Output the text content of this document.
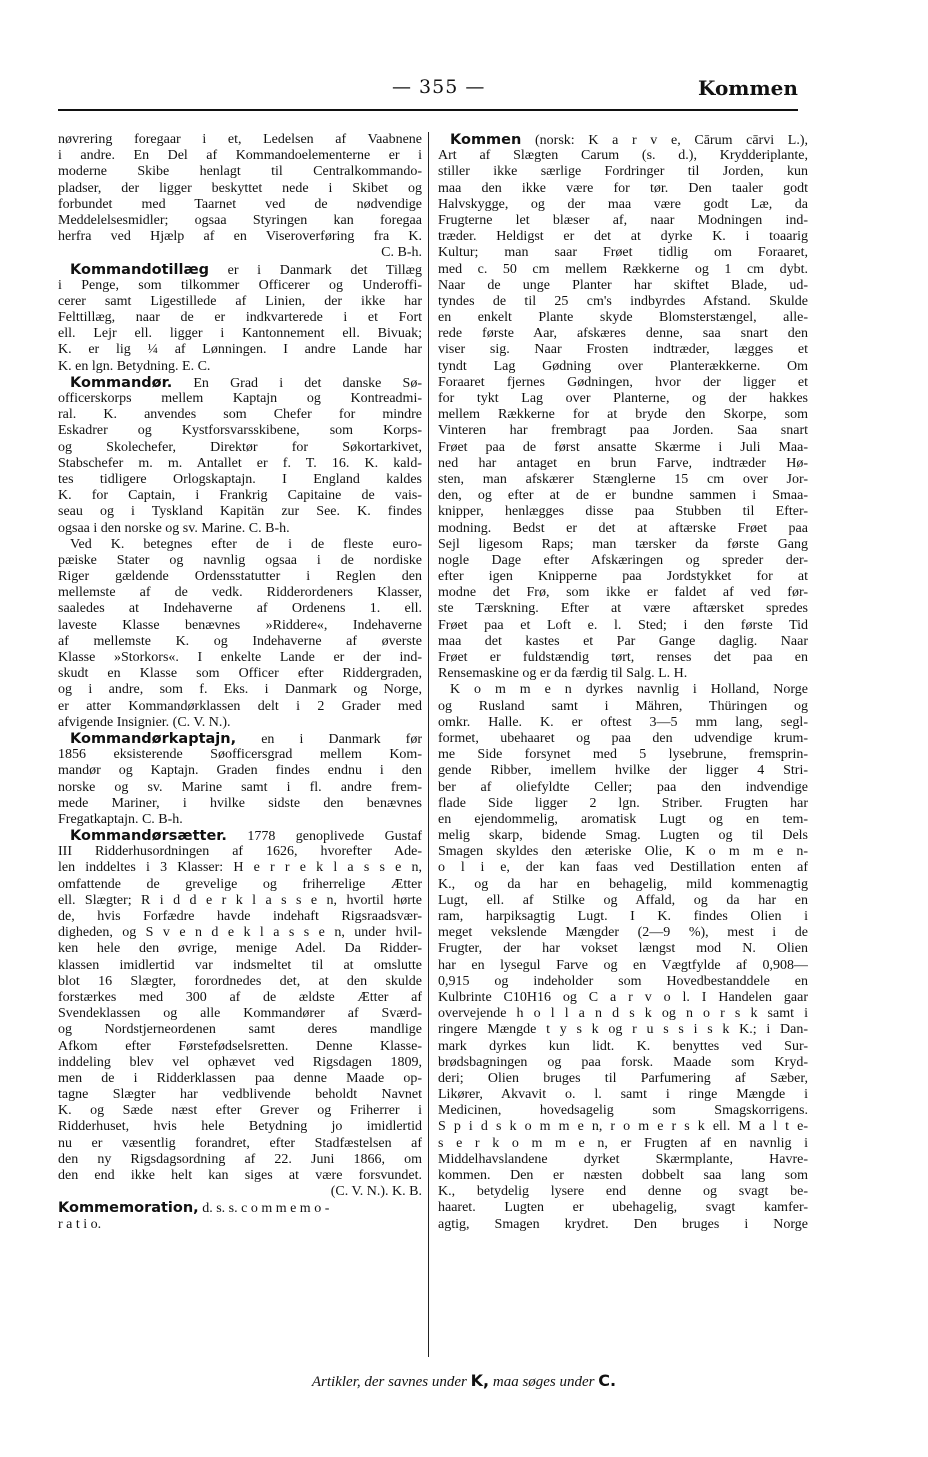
— 355 —	Kommen
nøvrering foregaar i et, Ledelsen af Vaabnene
i andre. En Del af Kommandoelementerne er i
moderne Skibe henlagt til Centralkommando-
pladser, der ligger beskyttet nede i Skibet og
forbundet med Taarnet ved de nødvendige
Meddelelsesmidler; ogsaa Styringen kan foregaa
herfra ved Hjælp af en Viseroverføring fra K.
C. B-h.
Kommandotillæg er i Danmark det Tillæg
i Penge, som tilkommer Officerer og Underoffi-
cerer samt Ligestillede af Linien, der ikke har
Felttillæg, naar de er indkvarterede i et Fort
ell. Lejr ell. ligger i Kantonnement ell. Bivuak;
K. er lig ¼ af Lønningen. I andre Lande har
K. en lgn. Betydning. E. C.
Kommandør. En Grad i det danske Sø-
officerskorps mellem Kaptajn og Kontreadmi-
ral. K. anvendes som Chefer for mindre
Eskadrer og Kystforsvarsskibene, som Korps-
og Skolechefer, Direktør for Søkortarkivet,
Stabschefer m. m. Antallet er f. T. 16. K. kald-
tes tidligere Orlogskaptajn. I England kaldes
K. for Captain, i Frankrig Capitaine de vais-
seau og i Tyskland Kapitän zur See. K. findes
ogsaa i den norske og sv. Marine. C. B-h.
Ved K. betegnes efter de i de fleste euro-
pæiske Stater og navnlig ogsaa i de nordiske
Riger gældende Ordensstatutter i Reglen den
mellemste af de vedk. Ridderordeners Klasser,
saaledes at Indehaverne af Ordenens 1. ell.
laveste Klasse benævnes »Riddere«, Indehaverne
af mellemste K. og Indehaverne af øverste
Klasse »Storkors«. I enkelte Lande er der ind-
skudt en Klasse som Officer efter Riddergraden,
og i andre, som f. Eks. i Danmark og Norge,
er atter Kommandørklassen delt i 2 Grader med
afvigende Insignier. (C. V. N.).
Kommandørkaptajn, en i Danmark før
1856 eksisterende Søofficersgrad mellem Kom-
mandør og Kaptajn. Graden findes endnu i den
norske og sv. Marine samt i fl. andre frem-
mede Mariner, i hvilke sidste den benævnes
Fregatkaptajn. C. B-h.
Kommandørsætter. 1778 genoplivede Gustaf
III Ridderhusordningen af 1626, hvorefter Ade-
len inddeltes i 3 Klasser: H e r r e k l a s s e n,
omfattende de grevelige og friherrelige Ætter
ell. Slægter; R i d d e r k l a s s e n, hvortil hørte
de, hvis Forfædre havde indehaft Rigsraadsvær-
digheden, og S v e n d e k l a s s e n, under hvil-
ken hele den øvrige, menige Adel. Da Ridder-
klassen imidlertid var indsmeltet til at omslutte
blot 16 Slægter, forordnedes det, at den skulde
forstærkes med 300 af de ældste Ætter af
Svendeklassen og alle Kommandører af Sværd-
og Nordstjerneordenen samt deres mandlige
Afkom efter Førstefødselsretten. Denne Klasse-
inddeling blev vel ophævet ved Rigsdagen 1809,
men de i Ridderklassen paa denne Maade op-
tagne Slægter har vedblivende beholdt Navnet
K. og Sæde næst efter Grever og Friherrer i
Ridderhuset, hvis hele Betydning jo imidlertid
nu er væsentlig forandret, efter Stadfæstelsen af
den ny Rigsdagsordning af 22. Juni 1866, om
den end ikke helt kan siges at være forsvundet.
(C. V. N.). K. B.
Kommemoration, d. s. s. c o m m e m o -
r a t i o.
Kommen (norsk: K a r v e, Cārum cārvi L.),
Art af Slægten Carum (s. d.), Krydderiplante,
stiller ikke særlige Fordringer til Jorden, kun
maa den ikke være for tør. Den taaler godt
Halvskygge, og der maa være godt Læ, da
Frugterne let blæser af, naar Modningen ind-
træder. Heldigst er det at dyrke K. i toaarig
Kultur; man saar Frøet tidlig om Foraaret,
med c. 50 cm mellem Rækkerne og 1 cm dybt.
Naar de unge Planter har skiftet Blade, ud-
tyndes de til 25 cm's indbyrdes Afstand. Skulde
en enkelt Plante skyde Blomsterstængel, alle-
rede første Aar, afskæres denne, saa snart den
viser sig. Naar Frosten indtræder, lægges et
tyndt Lag Gødning over Planterækkerne. Om
Foraaret fjernes Gødningen, hvor der ligger et
for tykt Lag over Planterne, og der hakkes
mellem Rækkerne for at bryde den Skorpe, som
Vinteren har frembragt paa Jorden. Saa snart
Frøet paa de først ansatte Skærme i Juli Maa-
ned har antaget en brun Farve, indtræder Hø-
sten, man afskærer Stænglerne 15 cm over Jor-
den, og efter at de er bundne sammen i Smaa-
knipper, henlægges disse paa Stubben til Efter-
modning. Bedst er det at aftærske Frøet paa
Sejl ligesom Raps; man tærsker da første Gang
nogle Dage efter Afskæringen og spreder der-
efter igen Knipperne paa Jordstykket for at
modne det Frø, som ikke er faldet af ved før-
ste Tærskning. Efter at være aftærsket spredes
Frøet paa et Loft e. l. Sted; i den første Tid
maa det kastes et Par Gange daglig. Naar
Frøet er fuldstændig tørt, renses det paa en
Rensemaskine og er da færdig til Salg. L. H.
K o m m e n dyrkes navnlig i Holland, Norge
og Rusland samt i Mähren, Thüringen og
omkr. Halle. K. er oftest 3—5 mm lang, segl-
formet, ubehaaret og paa den udvendige krum-
me Side forsynet med 5 lysebrune, fremsprin-
gende Ribber, imellem hvilke der ligger 4 Stri-
ber af oliefyldte Celler; paa den indvendige
flade Side ligger 2 lgn. Striber. Frugten har
en ejendommelig, aromatisk Lugt og en tem-
melig skarp, bidende Smag. Lugten og til Dels
Smagen skyldes den æteriske Olie, K o m m e n-
o l i e, der kan faas ved Destillation enten af
K., og da har en behagelig, mild kommenagtig
Lugt, ell. af Stilke og Affald, og da har en
ram, harpiksagtig Lugt. I K. findes Olien i
meget vekslende Mængder (2—9 %), mest i de
Frugter, der har vokset længst mod N. Olien
har en lysegul Farve og en Vægtfylde af 0,908—
0,915 og indeholder som Hovedbestanddele en
Kulbrinte C10H16 og C a r v o l. I Handelen gaar
overvejende h o l l a n d s k og n o r s k samt i
ringere Mængde t y s k og r u s s i s k K.; i Dan-
mark dyrkes kun lidt. K. benyttes ved Sur-
brødsbagningen og paa forsk. Maade som Kryd-
deri; Olien bruges til Parfumering af Sæber,
Likører, Akvavit o. l. samt i ringe Mængde i
Medicinen, hovedsagelig som Smagskorrigens.
S p i d s k o m m e n, r o m e r s k ell. M a l t e-
s e r k o m m e n, er Frugten af en navnlig i
Middelhavslandene dyrket Skærmplante, Havre-
kommen. Den er næsten dobbelt saa lang som
K., betydelig lysere end denne og svagt be-
haaret. Lugten er ubehagelig, svagt kamfer-
agtig, Smagen krydret. Den bruges i Norge
Artikler, der savnes under K, maa søges under C.
